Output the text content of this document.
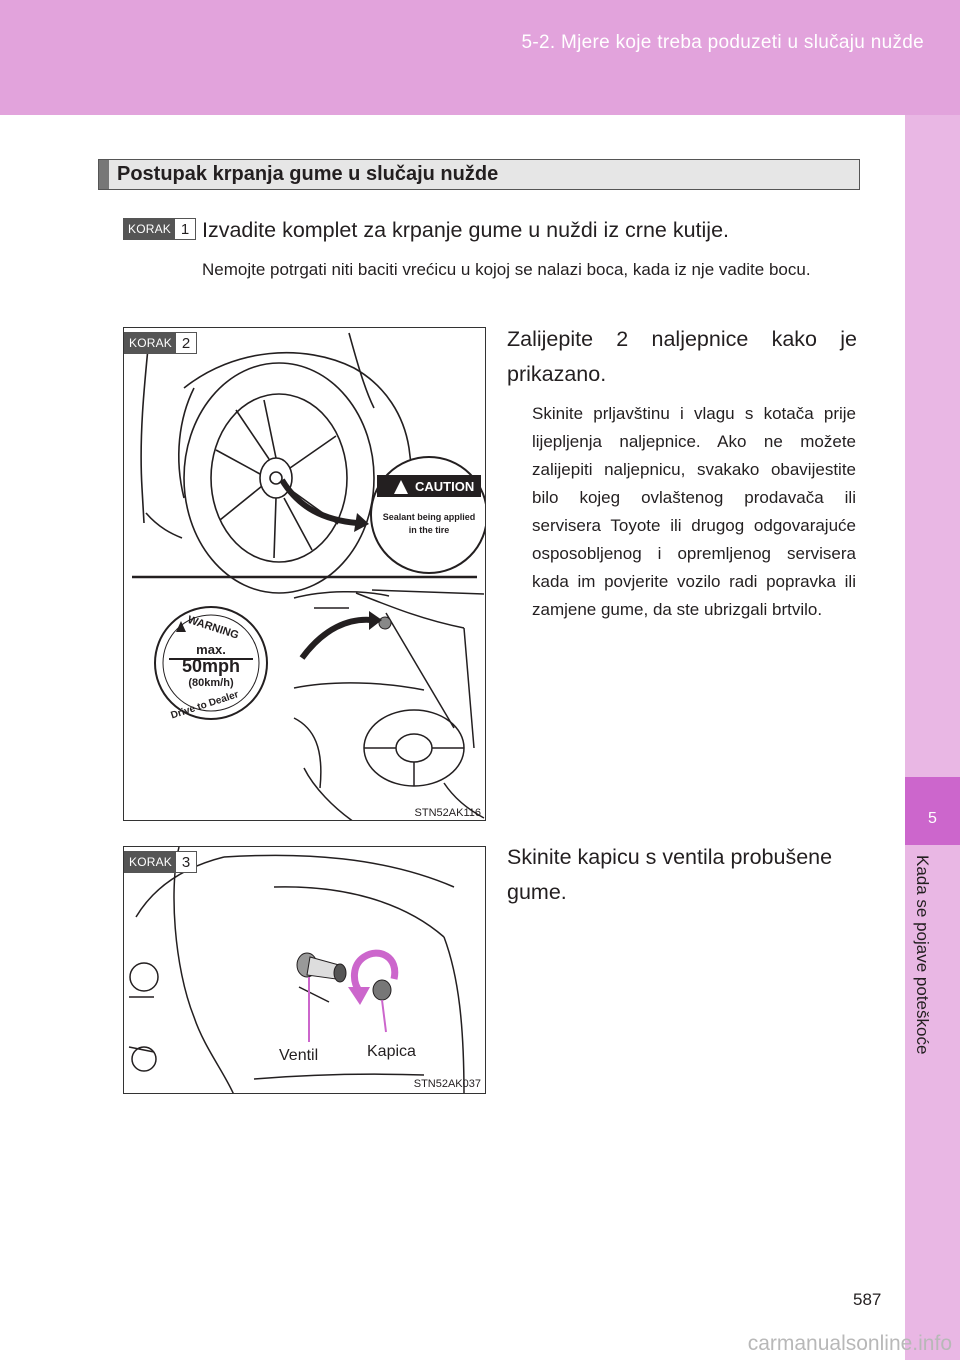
5-2. Mjere koje treba poduzeti u slučaju nužde
5
Kada se pojave poteškoće
Postupak krpanja gume u slučaju nužde
KORAK 1 Izvadite komplet za krpanje gume u nuždi iz crne kutije.
Nemojte potrgati niti baciti vrećicu u kojoj se nalazi boca, kada iz nje vadite bocu.
CAUTION
Sealant being applied
in the tire
WARNING
max.
50mph
(80km/h)
Drive to Dealer
STN52AK116
KORAK 2	Zalijepite 2 naljepnice kako je prikazano.
Skinite prljavštinu i vlagu s kotača prije lijepljenja naljepnice. Ako ne možete zalijepiti naljepnicu, svakako obavijestite bilo kojeg ovlaštenog prodavača ili servisera Toyote ili drugog odgovarajuće osposobljenog i opremljenog servisera kada im povjerite vozilo radi popravka ili zamjene gume, da ste ubrizgali brtvilo.
Ventil	Kapica
STN52AK037
KORAK 3	Skinite kapicu s ventila probušene gume.
587
carmanualsonline.info
